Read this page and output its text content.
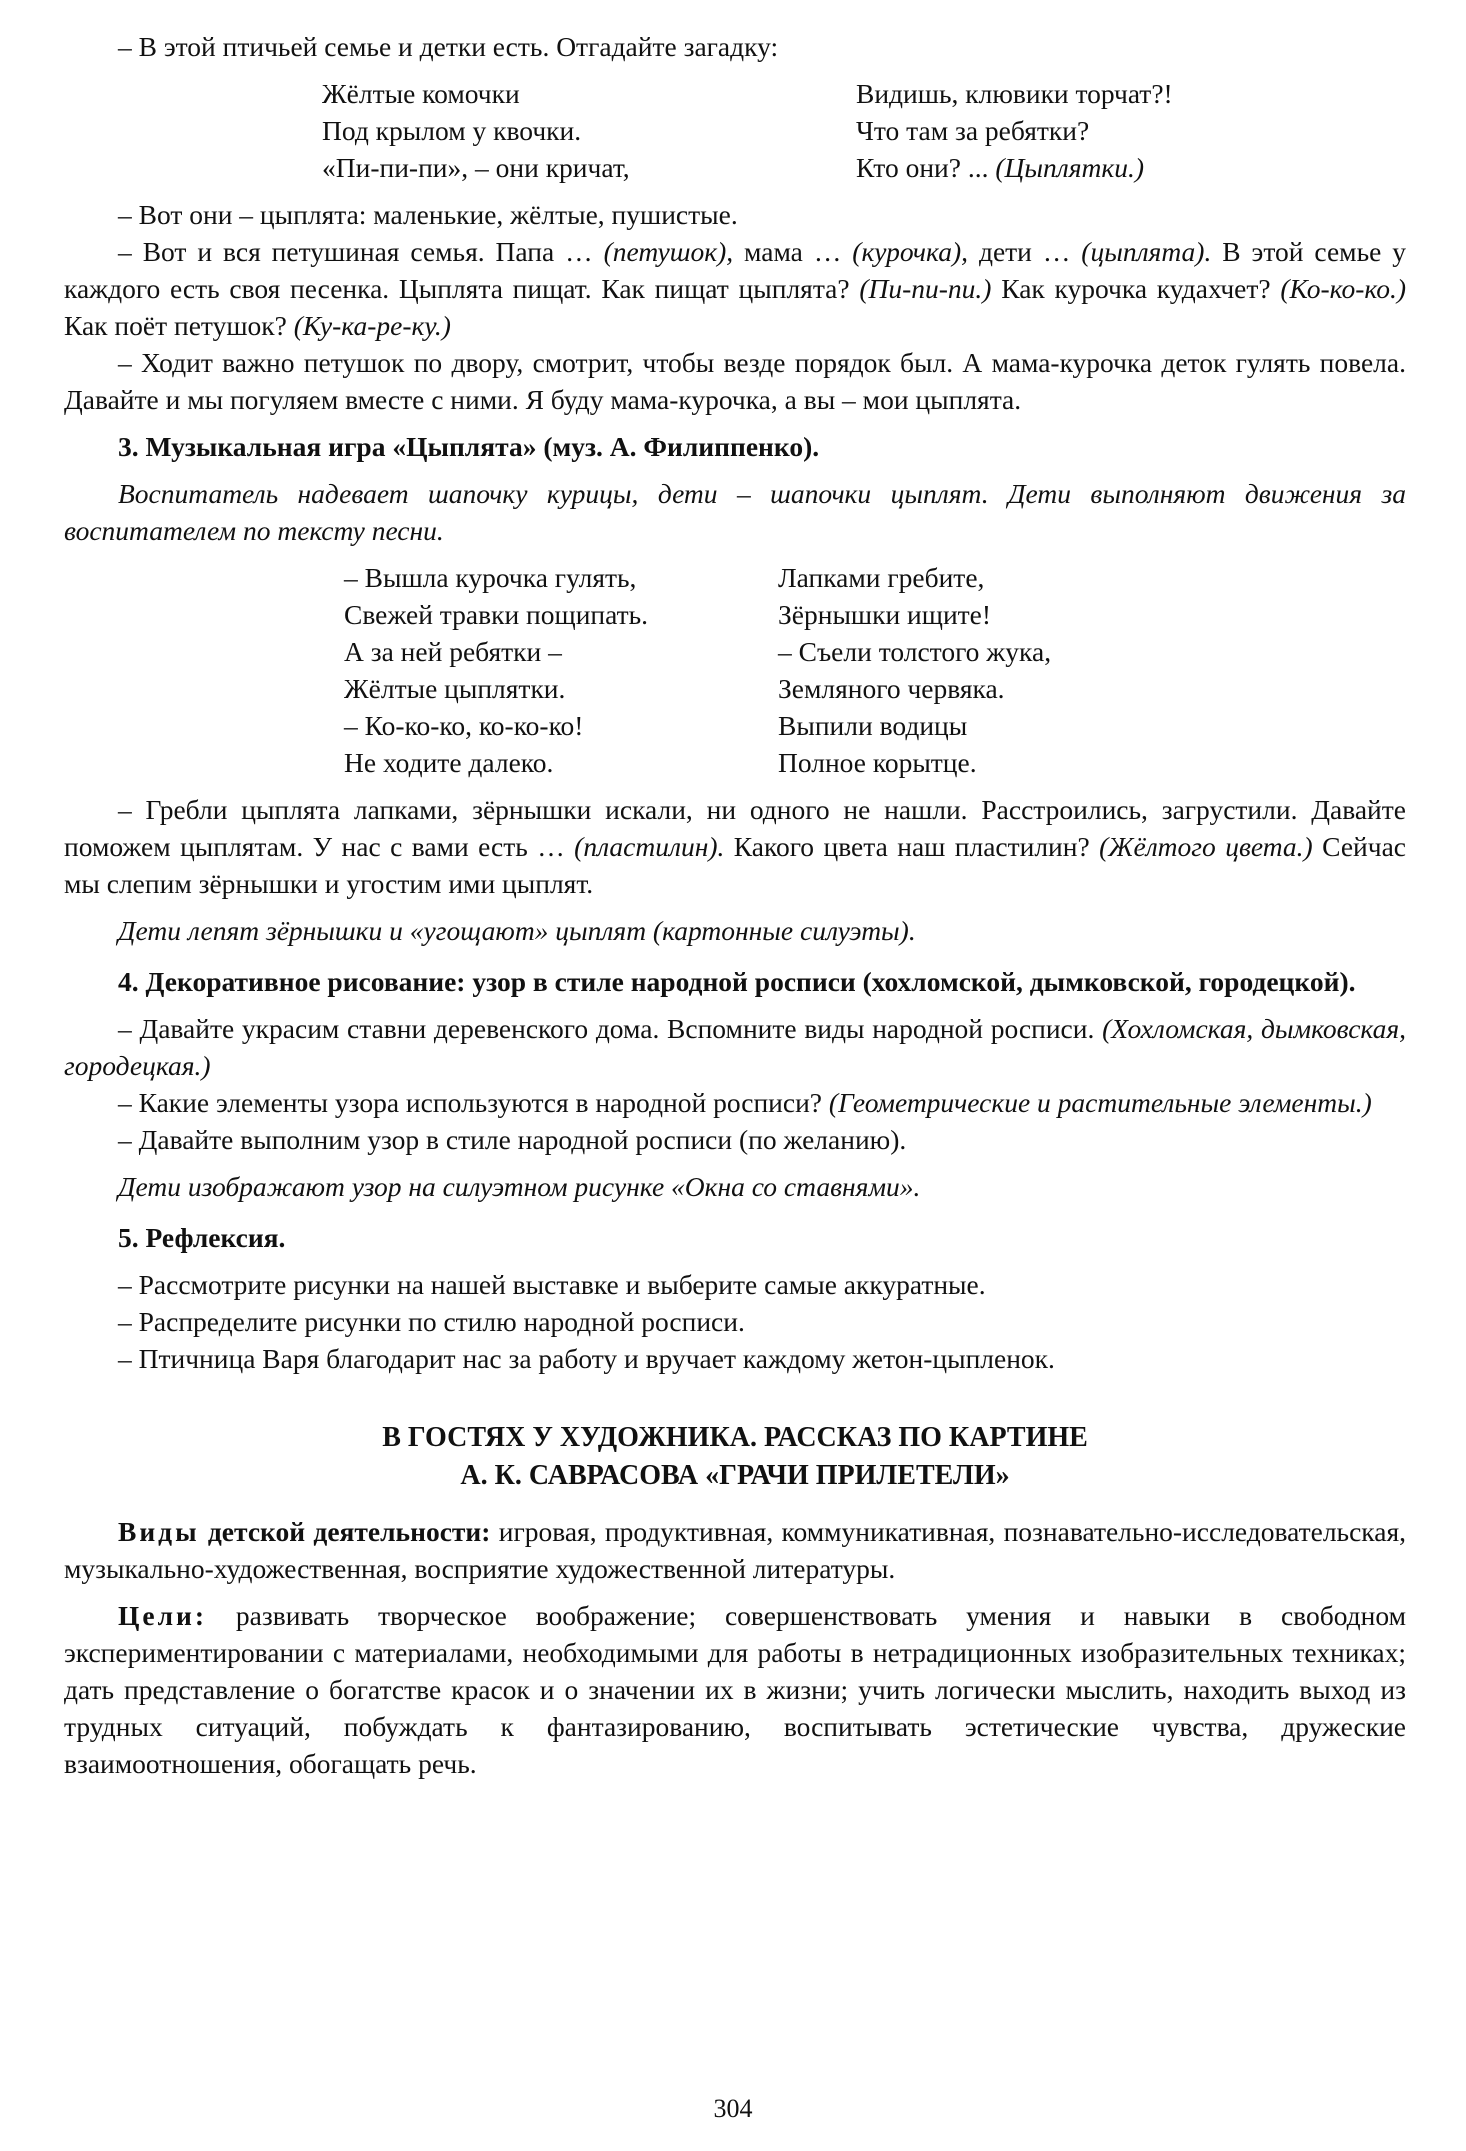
– В этой птичьей семье и детки есть. Отгадайте загадку:

Жёлтые комочки
Под крылом у квочки.
«Пи-пи-пи», – они кричат,
Видишь, клювики торчат?!
Что там за ребятки?
Кто они? ... (Цыплятки.)

– Вот они – цыплята: маленькие, жёлтые, пушистые.

– Вот и вся петушиная семья. Папа … (петушок), мама … (курочка), дети … (цыплята). В этой семье у каждого есть своя песенка. Цыплята пищат. Как пищат цыплята? (Пи-пи-пи.) Как курочка кудахчет? (Ко-ко-ко.) Как поёт петушок? (Ку-ка-ре-ку.)

– Ходит важно петушок по двору, смотрит, чтобы везде порядок был. А мама-курочка деток гулять повела. Давайте и мы погуляем вместе с ними. Я буду мама-курочка, а вы – мои цыплята.

3. Музыкальная игра «Цыплята» (муз. А. Филиппенко).

Воспитатель надевает шапочку курицы, дети – шапочки цыплят. Дети выполняют движения за воспитателем по тексту песни.

– Вышла курочка гулять,
Свежей травки пощипать.
А за ней ребятки –
Жёлтые цыплятки.
– Ко-ко-ко, ко-ко-ко!
Не ходите далеко.
Лапками гребите,
Зёрнышки ищите!
– Съели толстого жука,
Земляного червяка.
Выпили водицы
Полное корытце.

– Гребли цыплята лапками, зёрнышки искали, ни одного не нашли. Расстроились, загрустили. Давайте поможем цыплятам. У нас с вами есть … (пластилин). Какого цвета наш пластилин? (Жёлтого цвета.) Сейчас мы слепим зёрнышки и угостим ими цыплят.

Дети лепят зёрнышки и «угощают» цыплят (картонные силуэты).

4. Декоративное рисование: узор в стиле народной росписи (хохломской, дымковской, городецкой).

– Давайте украсим ставни деревенского дома. Вспомните виды народной росписи. (Хохломская, дымковская, городецкая.)

– Какие элементы узора используются в народной росписи? (Геометрические и растительные элементы.)

– Давайте выполним узор в стиле народной росписи (по желанию).

Дети изображают узор на силуэтном рисунке «Окна со ставнями».

5. Рефлексия.

– Рассмотрите рисунки на нашей выставке и выберите самые аккуратные.

– Распределите рисунки по стилю народной росписи.

– Птичница Варя благодарит нас за работу и вручает каждому жетон-цыпленок.

В ГОСТЯХ У ХУДОЖНИКА. РАССКАЗ ПО КАРТИНЕ

А. К. САВРАСОВА «ГРАЧИ ПРИЛЕТЕЛИ»

Виды детской деятельности: игровая, продуктивная, коммуникативная, познавательно-исследовательская, музыкально-художественная, восприятие художественной литературы.

Цели: развивать творческое воображение; совершенствовать умения и навыки в свободном экспериментировании с материалами, необходимыми для работы в нетрадиционных изобразительных техниках; дать представление о богатстве красок и о значении их в жизни; учить логически мыслить, находить выход из трудных ситуаций, побуждать к фантазированию, воспитывать эстетические чувства, дружеские взаимоотношения, обогащать речь.

304
